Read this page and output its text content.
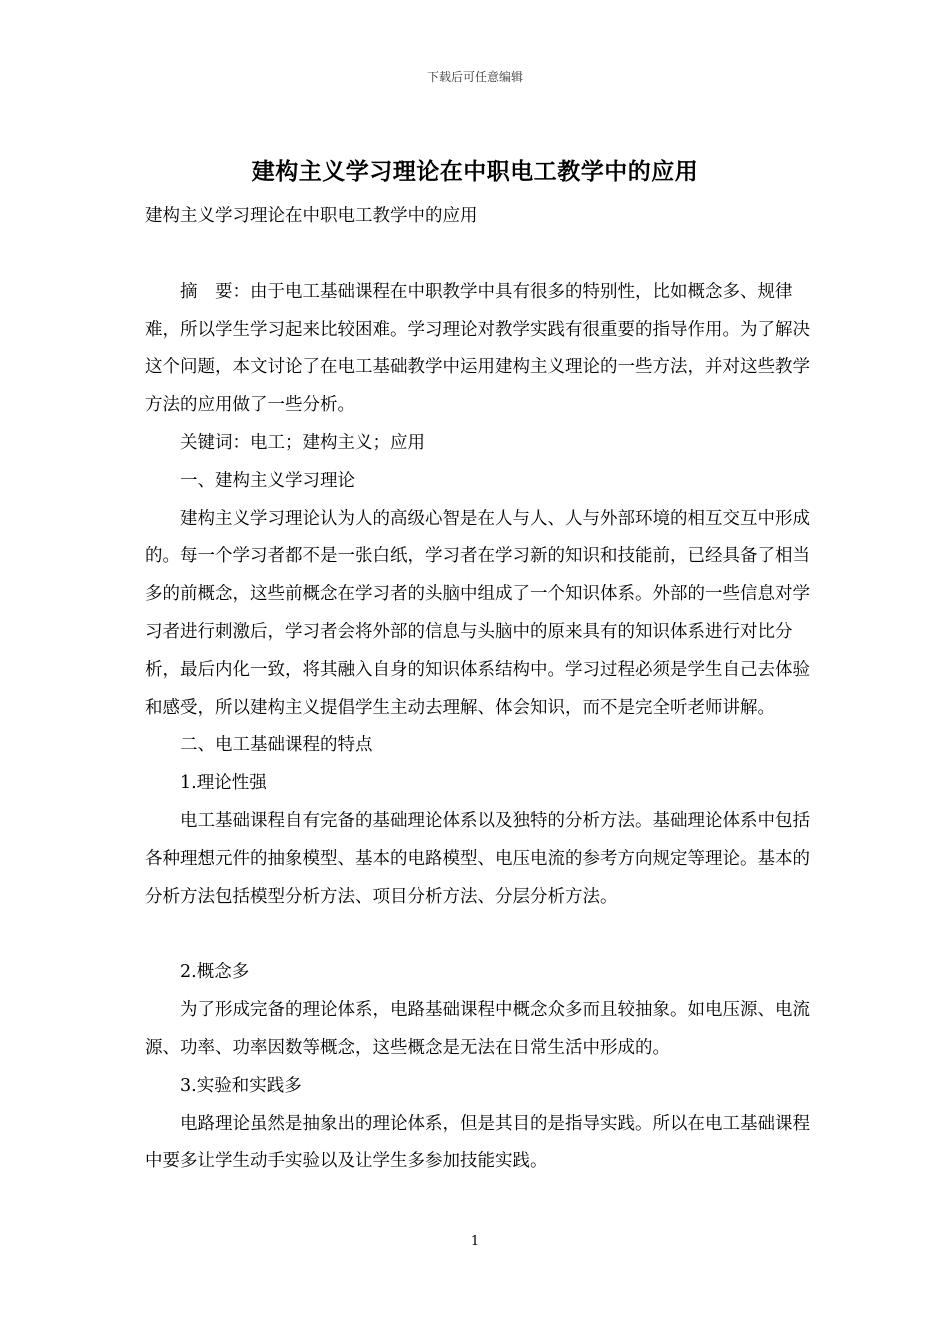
下载后可任意编辑
建构主义学习理论在中职电工教学中的应用

建构主义学习理论在中职电工教学中的应用

摘　要：由于电工基础课程在中职教学中具有很多的特别性，比如概念多、规律难，所以学生学习起来比较困难。学习理论对教学实践有很重要的指导作用。为了解决这个问题，本文讨论了在电工基础教学中运用建构主义理论的一些方法，并对这些教学方法的应用做了一些分析。

关键词：电工；建构主义；应用

一、建构主义学习理论

建构主义学习理论认为人的高级心智是在人与人、人与外部环境的相互交互中形成的。每一个学习者都不是一张白纸，学习者在学习新的知识和技能前，已经具备了相当多的前概念，这些前概念在学习者的头脑中组成了一个知识体系。外部的一些信息对学习者进行刺激后，学习者会将外部的信息与头脑中的原来具有的知识体系进行对比分析，最后内化一致，将其融入自身的知识体系结构中。学习过程必须是学生自己去体验和感受，所以建构主义提倡学生主动去理解、体会知识，而不是完全听老师讲解。

二、电工基础课程的特点

1.理论性强

电工基础课程自有完备的基础理论体系以及独特的分析方法。基础理论体系中包括各种理想元件的抽象模型、基本的电路模型、电压电流的参考方向规定等理论。基本的分析方法包括模型分析方法、项目分析方法、分层分析方法。

2.概念多

为了形成完备的理论体系，电路基础课程中概念众多而且较抽象。如电压源、电流源、功率、功率因数等概念，这些概念是无法在日常生活中形成的。

3.实验和实践多

电路理论虽然是抽象出的理论体系，但是其目的是指导实践。所以在电工基础课程中要多让学生动手实验以及让学生多参加技能实践。

1
